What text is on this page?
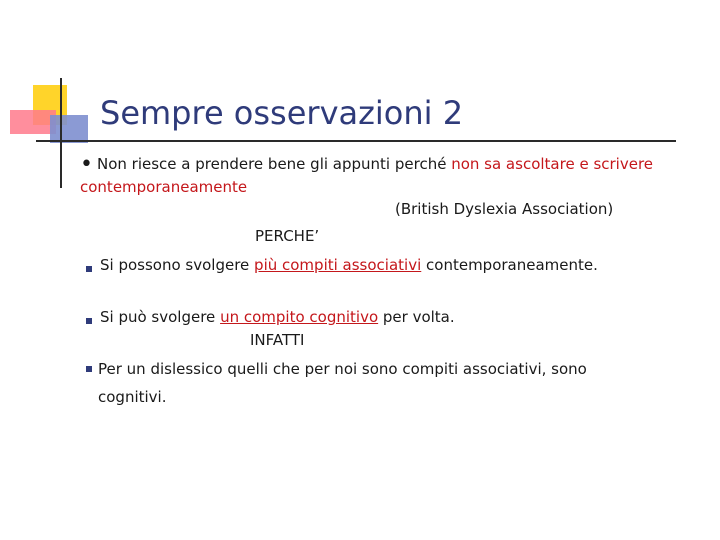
Sempre osservazioni 2
• Non riesce a prendere bene gli appunti perché non sa ascoltare e scrivere contemporaneamente
(British Dyslexia Association)
PERCHE’
Si possono svolgere più compiti associativi contemporaneamente.
Si può svolgere un compito cognitivo per volta.
INFATTI
Per un dislessico quelli che per noi sono compiti associativi, sono cognitivi.
